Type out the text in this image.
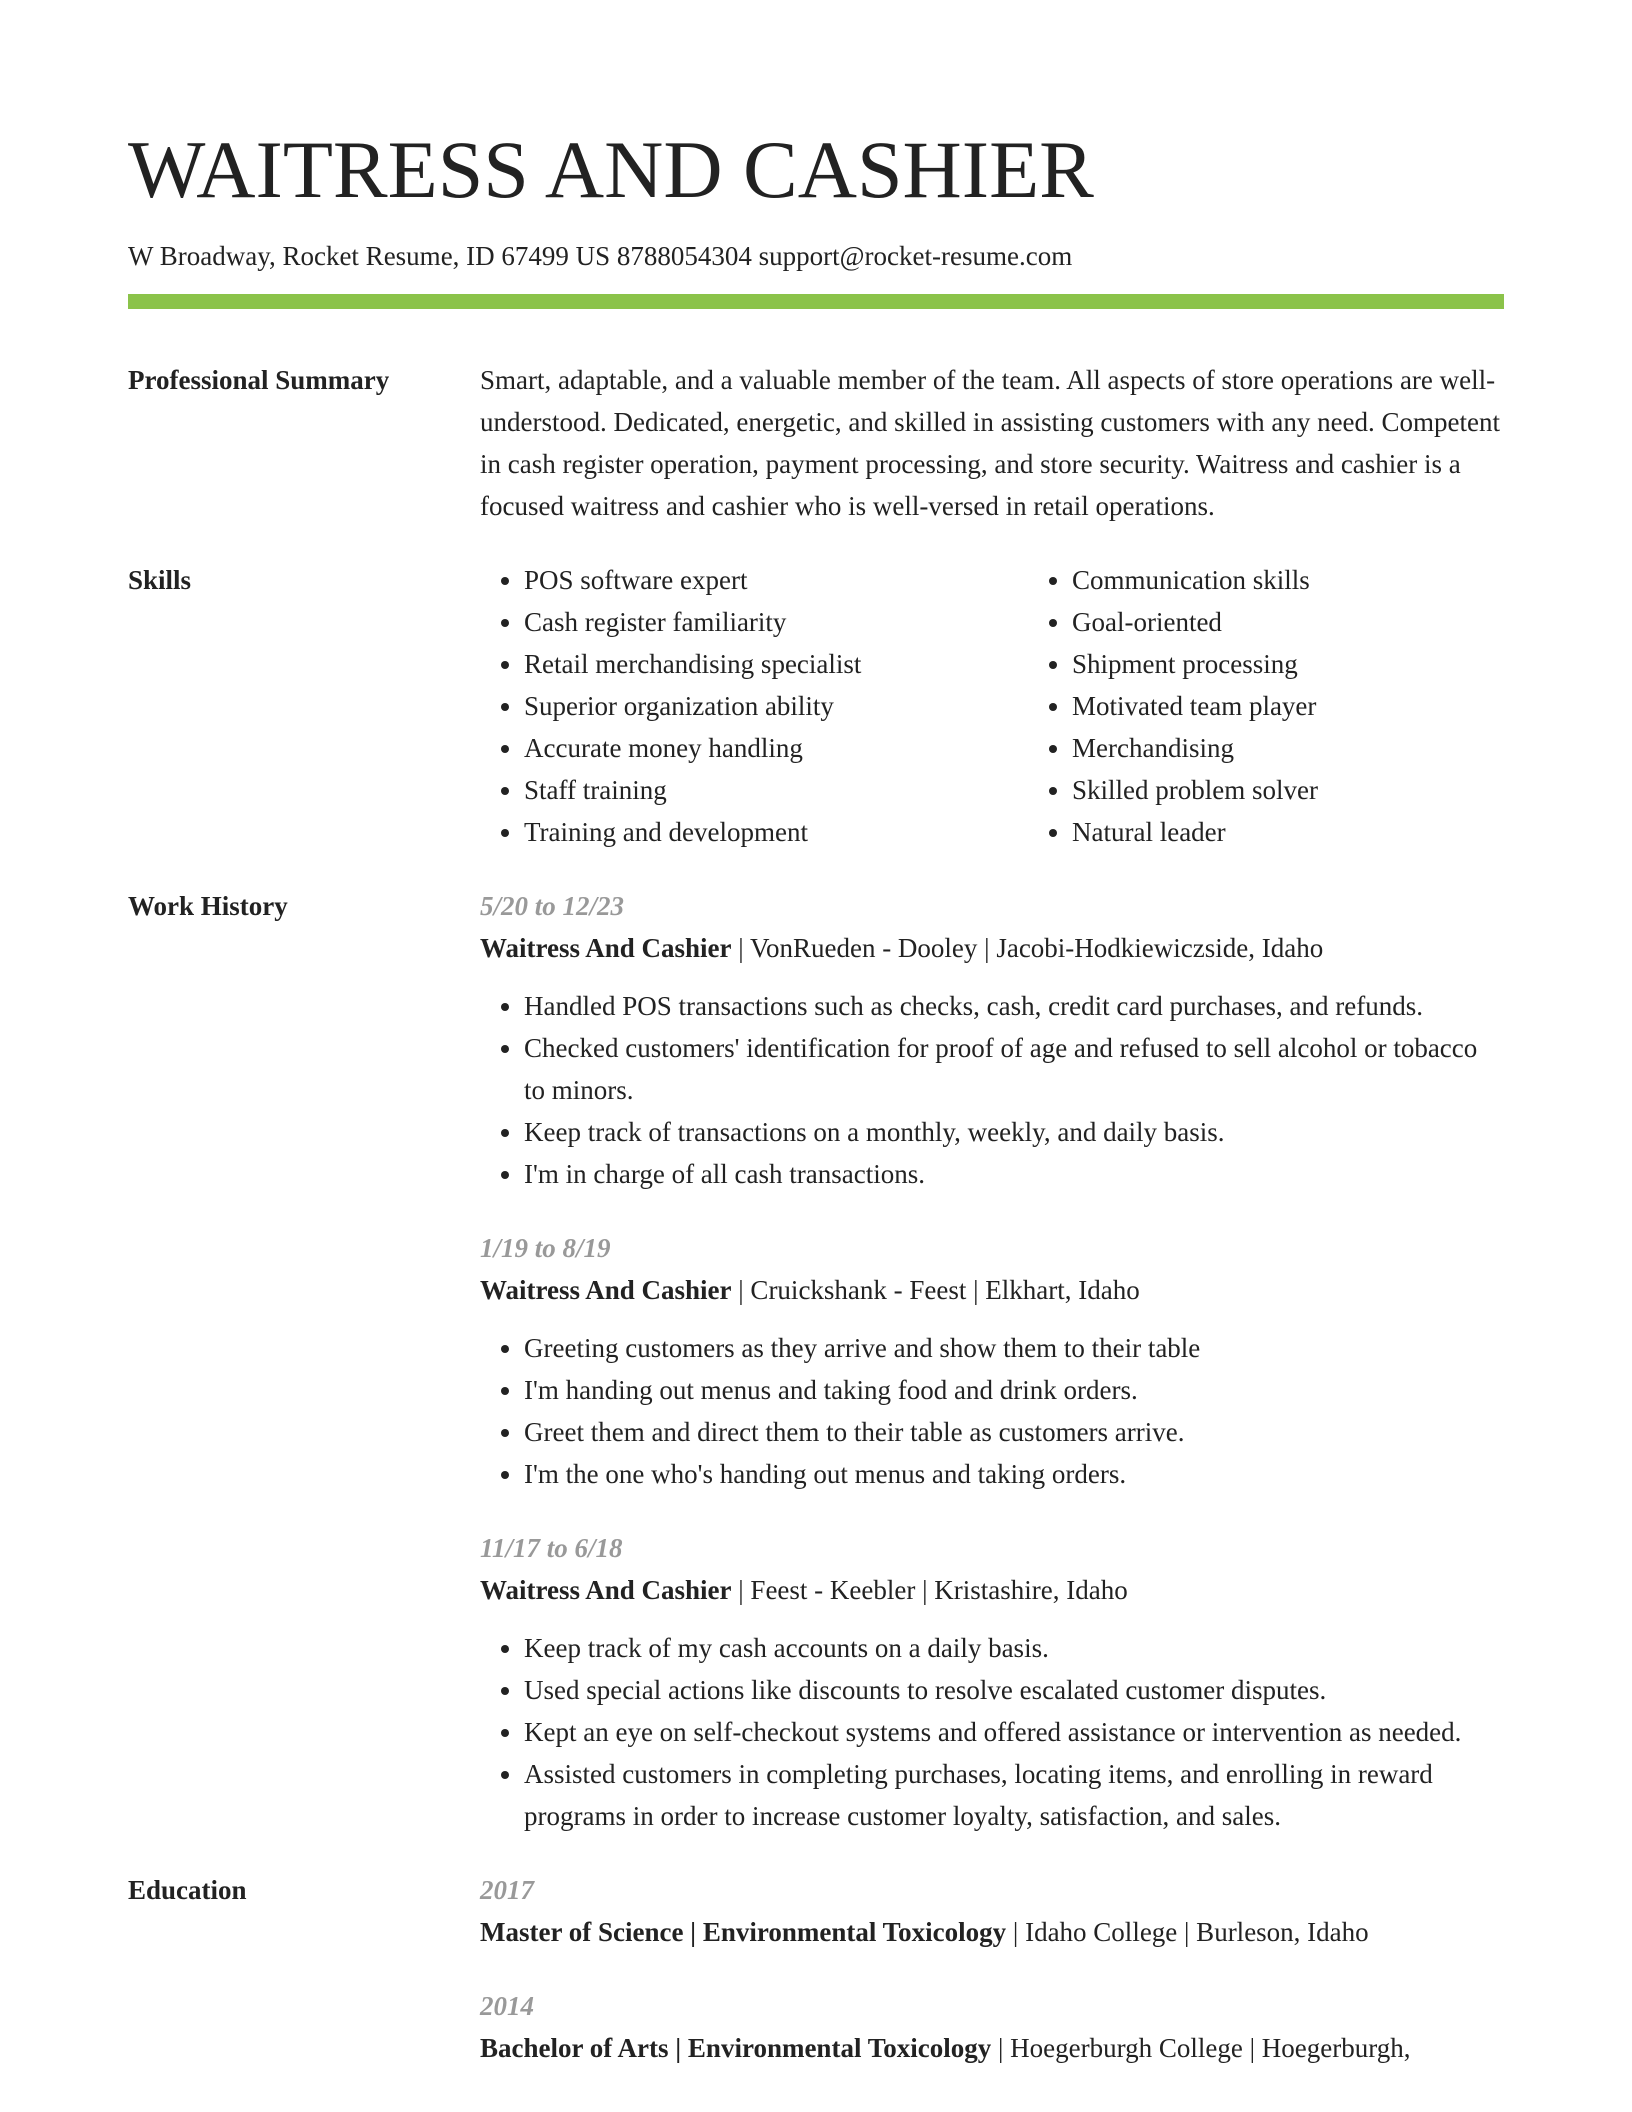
WAITRESS AND CASHIER
W Broadway, Rocket Resume, ID 67499 US 8788054304 support@rocket-resume.com
Professional Summary	Smart, adaptable, and a valuable member of the team. All aspects of store operations are well-understood. Dedicated, energetic, and skilled in assisting customers with any need. Competent in cash register operation, payment processing, and store security. Waitress and cashier is a focused waitress and cashier who is well-versed in retail operations.

Skills
•	POS software expert
• Cash register familiarity
• Retail merchandising specialist
• Superior organization ability
• Accurate money handling
• Staff training
• Training and development
• Communication skills
• Goal-oriented
• Shipment processing
• Motivated team player
• Merchandising
• Skilled problem solver
• Natural leader
Work History	5/20 to 12/23
Waitress And Cashier | VonRueden - Dooley | Jacobi-Hodkiewiczside, Idaho
• Handled POS transactions such as checks, cash, credit card purchases, and refunds.
• Checked customers' identification for proof of age and refused to sell alcohol or tobacco to minors.
• Keep track of transactions on a monthly, weekly, and daily basis.
• I'm in charge of all cash transactions.
1/19 to 8/19
Waitress And Cashier | Cruickshank - Feest | Elkhart, Idaho
• Greeting customers as they arrive and show them to their table
• I'm handing out menus and taking food and drink orders.
• Greet them and direct them to their table as customers arrive.
• I'm the one who's handing out menus and taking orders.
11/17 to 6/18
Waitress And Cashier | Feest - Keebler | Kristashire, Idaho
• Keep track of my cash accounts on a daily basis.
• Used special actions like discounts to resolve escalated customer disputes.
• Kept an eye on self-checkout systems and offered assistance or intervention as needed.
• Assisted customers in completing purchases, locating items, and enrolling in reward programs in order to increase customer loyalty, satisfaction, and sales.
Education	2017
Master of Science | Environmental Toxicology | Idaho College | Burleson, Idaho
2014
Bachelor of Arts | Environmental Toxicology | Hoegerburgh College | Hoegerburgh,
